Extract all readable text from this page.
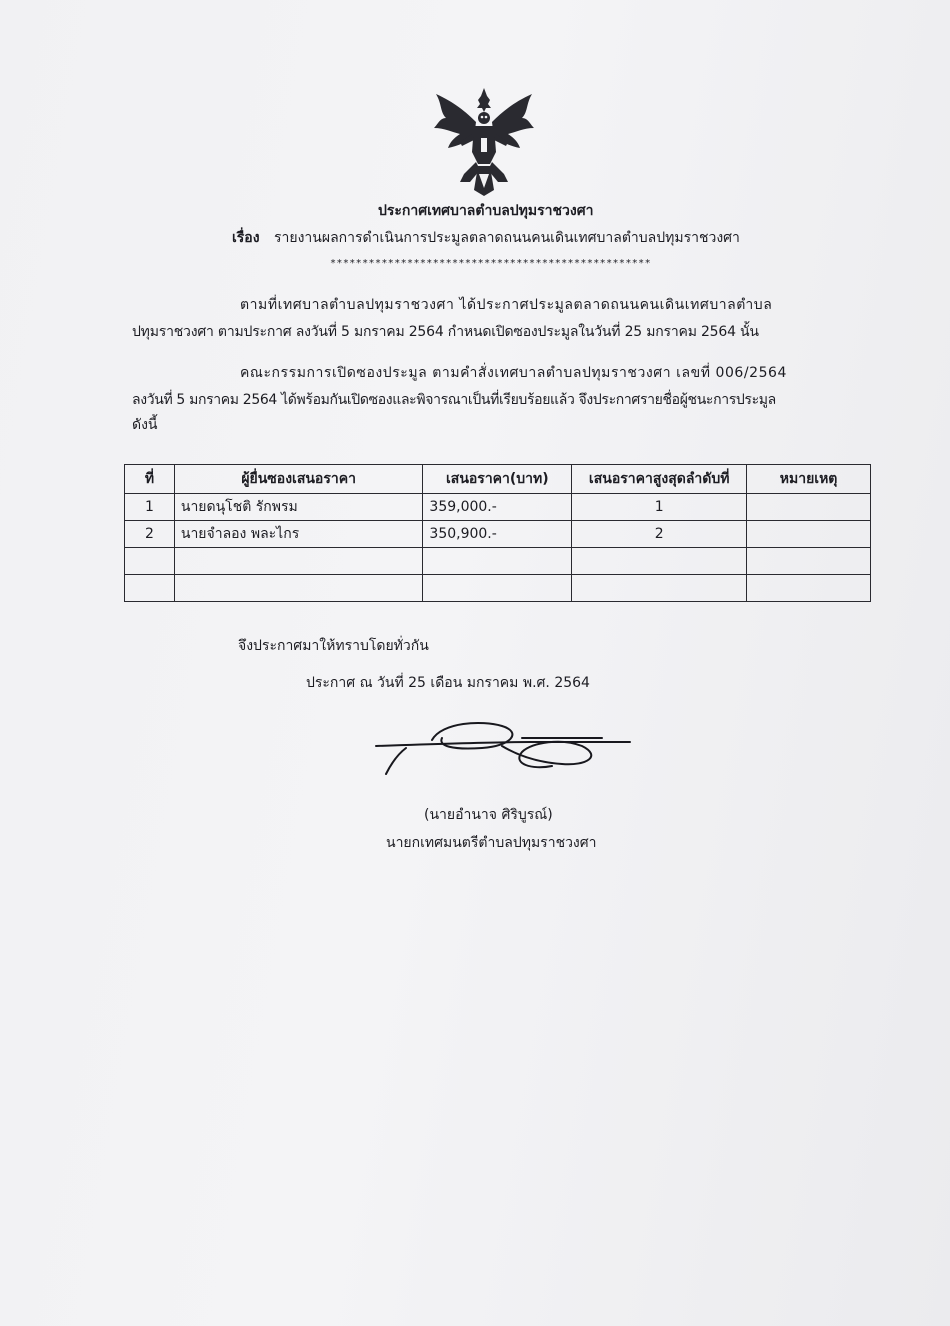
ประกาศเทศบาลตำบลปทุมราชวงศา
เรื่อง รายงานผลการดำเนินการประมูลตลาดถนนคนเดินเทศบาลตำบลปทุมราชวงศา
**************************************************
ตามที่เทศบาลตำบลปทุมราชวงศา ได้ประกาศประมูลตลาดถนนคนเดินเทศบาลตำบล
ปทุมราชวงศา ตามประกาศ ลงวันที่ 5 มกราคม 2564 กำหนดเปิดซองประมูลในวันที่ 25 มกราคม 2564 นั้น
คณะกรรมการเปิดซองประมูล ตามคำสั่งเทศบาลตำบลปทุมราชวงศา เลขที่ 006/2564
ลงวันที่ 5 มกราคม 2564 ได้พร้อมกันเปิดซองและพิจารณาเป็นที่เรียบร้อยแล้ว จึงประกาศรายชื่อผู้ชนะการประมูล
ดังนี้
ที่	ผู้ยื่นซองเสนอราคา	เสนอราคา(บาท)	เสนอราคาสูงสุดลำดับที่	หมายเหตุ
1	นายดนุโชติ รักพรม	359,000.-	1	
2	นายจำลอง พละไกร	350,900.-	2	

จึงประกาศมาให้ทราบโดยทั่วกัน
ประกาศ ณ วันที่ 25 เดือน มกราคม พ.ศ. 2564
(นายอำนาจ ศิริบูรณ์)
นายกเทศมนตรีตำบลปทุมราชวงศา
